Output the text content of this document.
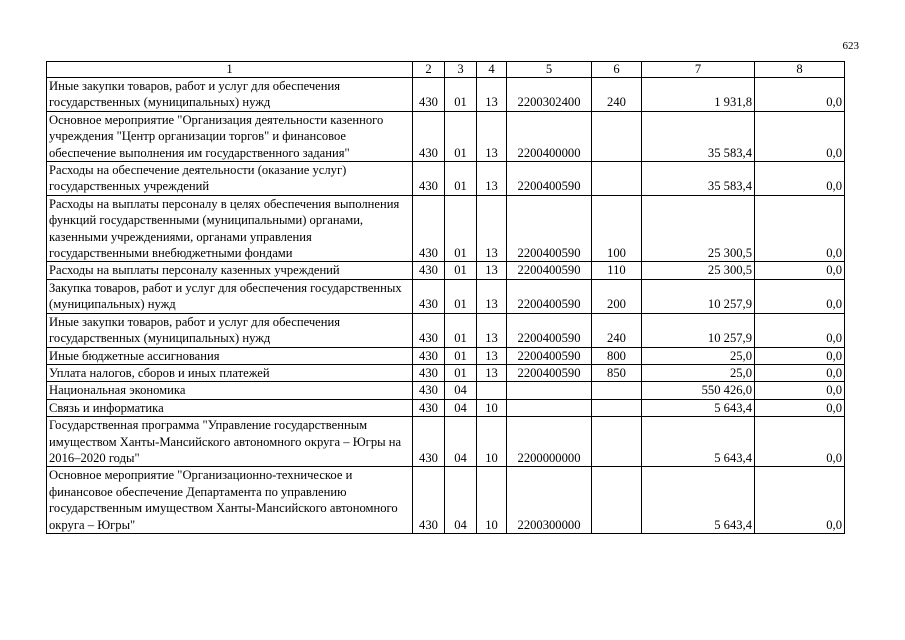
623
1	2	3	4	5	6	7	8
Иные закупки товаров, работ и услуг для обеспечения государственных (муниципальных) нужд	430	01	13	2200302400	240	1 931,8	0,0
Основное мероприятие "Организация деятельности казенного учреждения "Центр организации торгов" и финансовое обеспечение выполнения им государственного задания"	430	01	13	2200400000		35 583,4	0,0
Расходы на обеспечение деятельности (оказание услуг) государственных учреждений	430	01	13	2200400590		35 583,4	0,0
Расходы на выплаты персоналу в целях обеспечения выполнения функций государственными (муниципальными) органами, казенными учреждениями, органами управления государственными внебюджетными фондами	430	01	13	2200400590	100	25 300,5	0,0
Расходы на выплаты персоналу казенных учреждений	430	01	13	2200400590	110	25 300,5	0,0
Закупка товаров, работ и услуг для обеспечения государственных (муниципальных) нужд	430	01	13	2200400590	200	10 257,9	0,0
Иные закупки товаров, работ и услуг для обеспечения государственных (муниципальных) нужд	430	01	13	2200400590	240	10 257,9	0,0
Иные бюджетные ассигнования	430	01	13	2200400590	800	25,0	0,0
Уплата налогов, сборов и иных платежей	430	01	13	2200400590	850	25,0	0,0
Национальная экономика	430	04				550 426,0	0,0
Связь и информатика	430	04	10			5 643,4	0,0
Государственная программа "Управление государственным имуществом Ханты-Мансийского автономного округа – Югры на 2016–2020 годы"	430	04	10	2200000000		5 643,4	0,0
Основное мероприятие "Организационно-техническое и финансовое обеспечение Департамента по управлению государственным имуществом Ханты-Мансийского автономного округа – Югры"	430	04	10	2200300000		5 643,4	0,0
